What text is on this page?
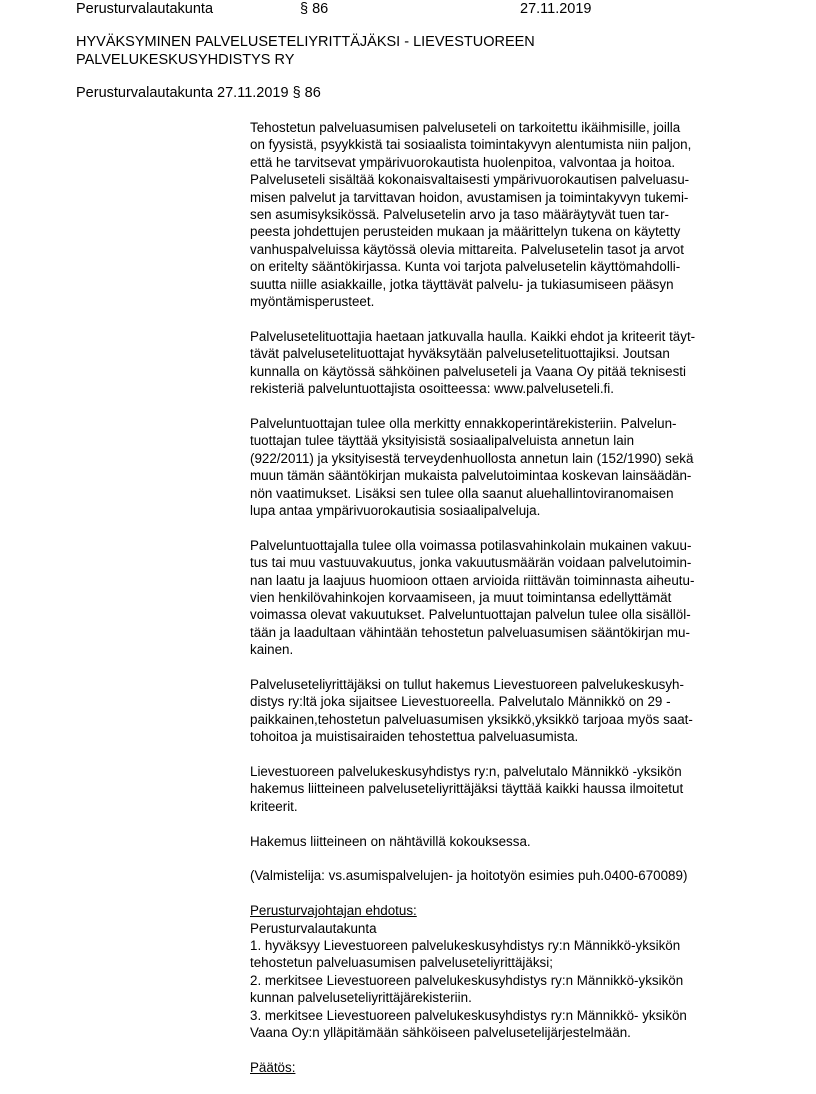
Perusturvalautakunta	§ 86	27.11.2019
HYVÄKSYMINEN PALVELUSETELIYRITTÄJÄKSI - LIEVESTUOREEN
PALVELUKESKUSYHDISTYS RY
Perusturvalautakunta 27.11.2019 § 86

Tehostetun palveluasumisen palveluseteli on tarkoitettu ikäihmisille, joilla
on fyysistä, psyykkistä tai sosiaalista toimintakyvyn alentumista niin paljon,
että he tarvitsevat ympärivuorokautista huolenpitoa, valvontaa ja hoitoa.
Palveluseteli sisältää kokonaisvaltaisesti ympärivuorokautisen palveluasu-
misen palvelut ja tarvittavan hoidon, avustamisen ja toimintakyvyn tukemi-
sen asumisyksikössä. Palvelusetelin arvo ja taso määräytyvät tuen tar-
peesta johdettujen perusteiden mukaan ja määrittelyn tukena on käytetty
vanhuspalveluissa käytössä olevia mittareita. Palvelusetelin tasot ja arvot
on eritelty sääntökirjassa. Kunta voi tarjota palvelusetelin käyttömahdolli-
suutta niille asiakkaille, jotka täyttävät palvelu- ja tukiasumiseen pääsyn
myöntämisperusteet.

Palvelusetelituottajia haetaan jatkuvalla haulla. Kaikki ehdot ja kriteerit täyt-
tävät palvelusetelituottajat hyväksytään palvelusetelituottajiksi. Joutsan
kunnalla on käytössä sähköinen palveluseteli ja Vaana Oy pitää teknisesti
rekisteriä palveluntuottajista osoitteessa: www.palveluseteli.fi.

Palveluntuottajan tulee olla merkitty ennakkoperintärekisteriin. Palvelun-
tuottajan tulee täyttää yksityisistä sosiaalipalveluista annetun lain
(922/2011) ja yksityisestä terveydenhuollosta annetun lain (152/1990) sekä
muun tämän sääntökirjan mukaista palvelutoimintaa koskevan lainsäädän-
nön vaatimukset. Lisäksi sen tulee olla saanut aluehallintoviranomaisen
lupa antaa ympärivuorokautisia sosiaalipalveluja.

Palveluntuottajalla tulee olla voimassa potilasvahinkolain mukainen vakuu-
tus tai muu vastuuvakuutus, jonka vakuutusmäärän voidaan palvelutoimin-
nan laatu ja laajuus huomioon ottaen arvioida riittävän toiminnasta aiheutu-
vien henkilövahinkojen korvaamiseen, ja muut toimintansa edellyttämät
voimassa olevat vakuutukset. Palveluntuottajan palvelun tulee olla sisällöl-
tään ja laadultaan vähintään tehostetun palveluasumisen sääntökirjan mu-
kainen.

Palveluseteliyrittäjäksi on tullut hakemus Lievestuoreen palvelukeskusyh-
distys ry:ltä joka sijaitsee Lievestuoreella. Palvelutalo Männikkö on 29 -
paikkainen,tehostetun palveluasumisen yksikkö,yksikkö tarjoaa myös saat-
tohoitoa ja muistisairaiden tehostettua palveluasumista.

Lievestuoreen palvelukeskusyhdistys ry:n, palvelutalo Männikkö -yksikön
hakemus liitteineen palveluseteliyrittäjäksi täyttää kaikki haussa ilmoitetut
kriteerit.

Hakemus liitteineen on nähtävillä kokouksessa.

(Valmistelija: vs.asumispalvelujen- ja hoitotyön esimies puh.0400-670089)

Perusturvajohtajan ehdotus:
Perusturvalautakunta
1. hyväksyy Lievestuoreen palvelukeskusyhdistys ry:n Männikkö-yksikön
tehostetun palveluasumisen palveluseteliyrittäjäksi;
2. merkitsee Lievestuoreen palvelukeskusyhdistys ry:n Männikkö-yksikön
kunnan palveluseteliyrittäjärekisteriin.
3. merkitsee Lievestuoreen palvelukeskusyhdistys ry:n Männikkö- yksikön
Vaana Oy:n ylläpitämään sähköiseen palvelusetelijärjestelmään.

Päätös:
